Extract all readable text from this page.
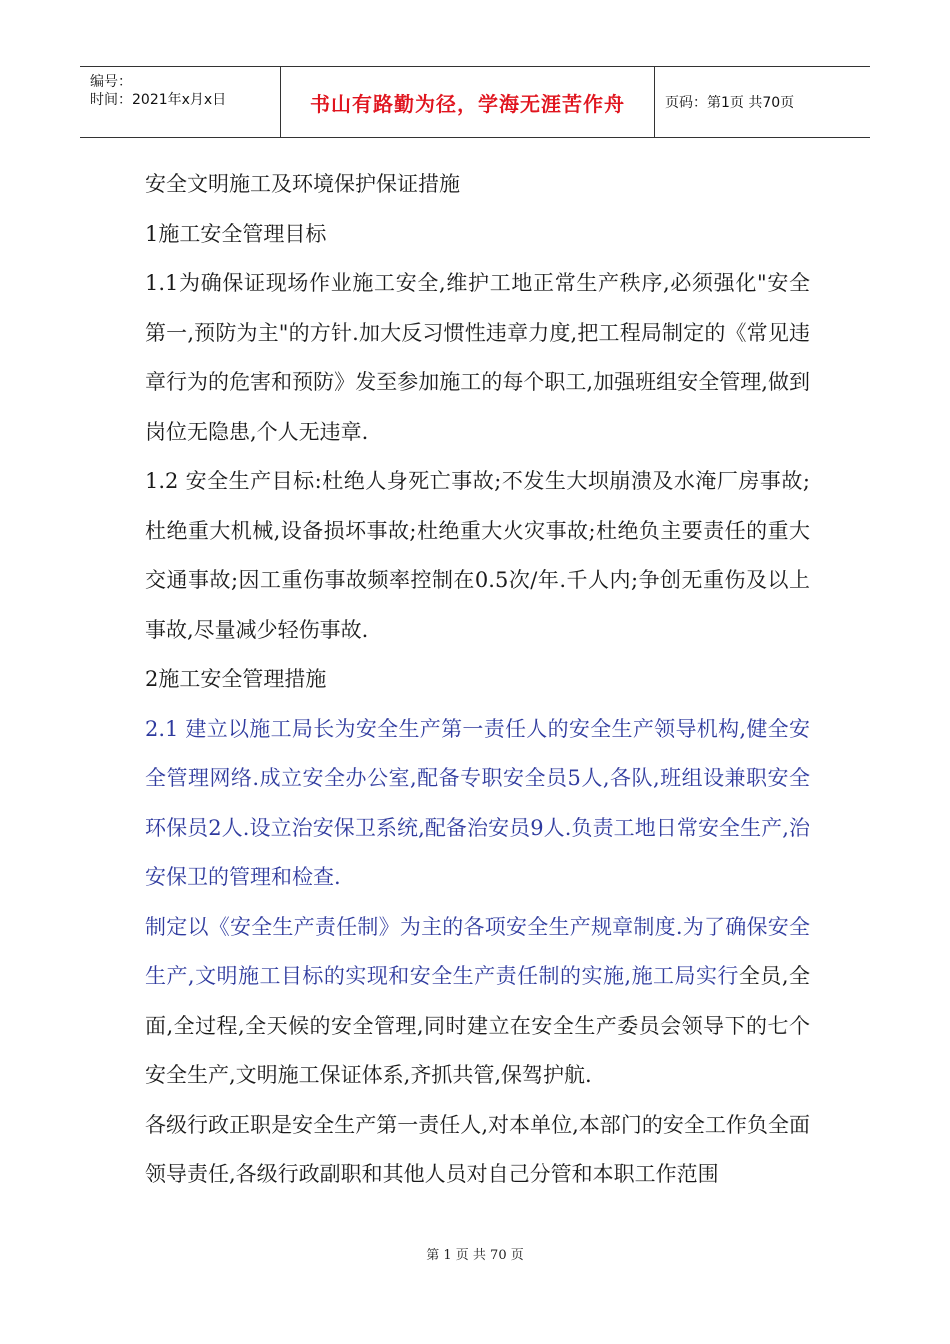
编号：
时间：2021年x月x日	书山有路勤为径，学海无涯苦作舟	页码：第1页 共70页

安全文明施工及环境保护保证措施

1施工安全管理目标

1.1为确保证现场作业施工安全,维护工地正常生产秩序,必须强化"安全第一,预防为主"的方针.加大反习惯性违章力度,把工程局制定的《常见违章行为的危害和预防》发至参加施工的每个职工,加强班组安全管理,做到岗位无隐患,个人无违章.

1.2 安全生产目标:杜绝人身死亡事故;不发生大坝崩溃及水淹厂房事故;杜绝重大机械,设备损坏事故;杜绝重大火灾事故;杜绝负主要责任的重大交通事故;因工重伤事故频率控制在0.5次/年.千人内;争创无重伤及以上事故,尽量减少轻伤事故.

2施工安全管理措施

2.1 建立以施工局长为安全生产第一责任人的安全生产领导机构,健全安全管理网络.成立安全办公室,配备专职安全员5人,各队,班组设兼职安全环保员2人.设立治安保卫系统,配备治安员9人.负责工地日常安全生产,治安保卫的管理和检查.

制定以《安全生产责任制》为主的各项安全生产规章制度.为了确保安全生产,文明施工目标的实现和安全生产责任制的实施,施工局实行全员,全面,全过程,全天候的安全管理,同时建立在安全生产委员会领导下的七个安全生产,文明施工保证体系,齐抓共管,保驾护航.

各级行政正职是安全生产第一责任人,对本单位,本部门的安全工作负全面领导责任,各级行政副职和其他人员对自己分管和本职工作范围

第 1 页 共 70 页
